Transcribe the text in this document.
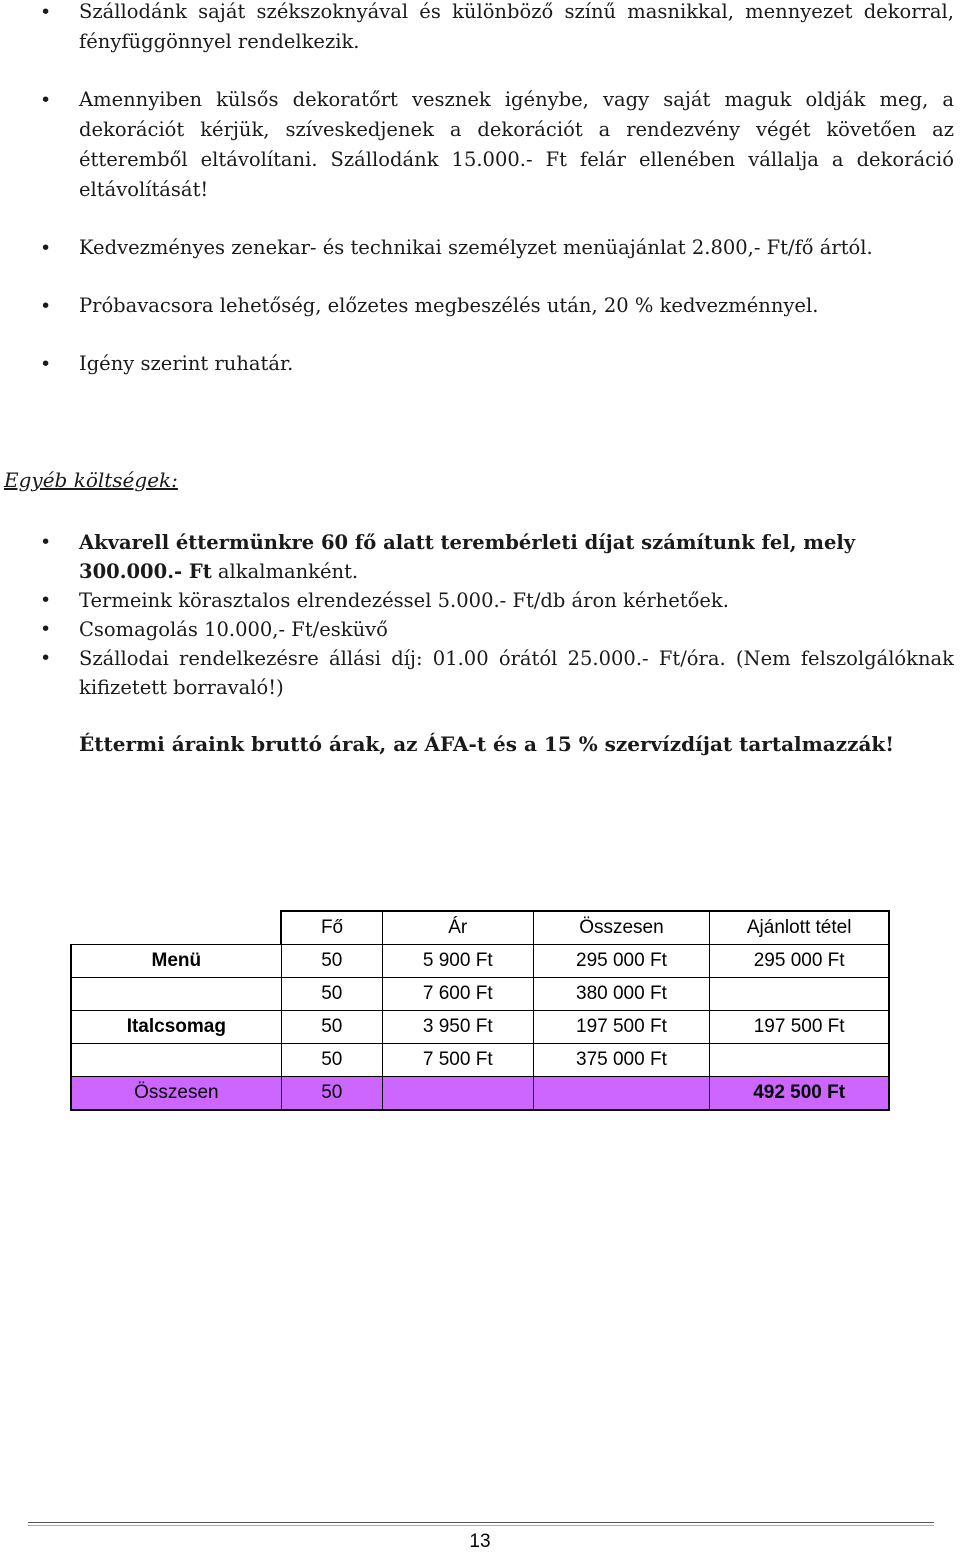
• Szállodánk saját székszoknyával és különböző színű masnikkal, mennyezet dekorral, fényfüggönnyel rendelkezik.
• Amennyiben külsős dekoratőrt vesznek igénybe, vagy saját maguk oldják meg, a dekorációt kérjük, szíveskedjenek a dekorációt a rendezvény végét követően az étteremből eltávolítani. Szállodánk 15.000.- Ft felár ellenében vállalja a dekoráció eltávolítását!
• Kedvezményes zenekar- és technikai személyzet menüajánlat 2.800,- Ft/fő ártól.
• Próbavacsora lehetőség, előzetes megbeszélés után, 20 % kedvezménnyel.
• Igény szerint ruhatár.
Egyéb költségek:
• Akvarell éttermünkre 60 fő alatt terembérleti díjat számítunk fel, mely 300.000.- Ft alkalmanként.
• Termeink körasztalos elrendezéssel 5.000.- Ft/db áron kérhetőek.
• Csomagolás 10.000,- Ft/esküvő
• Szállodai rendelkezésre állási díj: 01.00 órától 25.000.- Ft/óra. (Nem felszolgálóknak kifizetett borravaló!)
Éttermi áraink bruttó árak, az ÁFA-t és a 15 % szervízdíjat tartalmazzák!
	Fő	Ár	Összesen	Ajánlott tétel
Menü	50	5 900 Ft	295 000 Ft	295 000 Ft
	50	7 600 Ft	380 000 Ft	
Italcsomag	50	3 950 Ft	197 500 Ft	197 500 Ft
	50	7 500 Ft	375 000 Ft	
Összesen	50			492 500 Ft
13
